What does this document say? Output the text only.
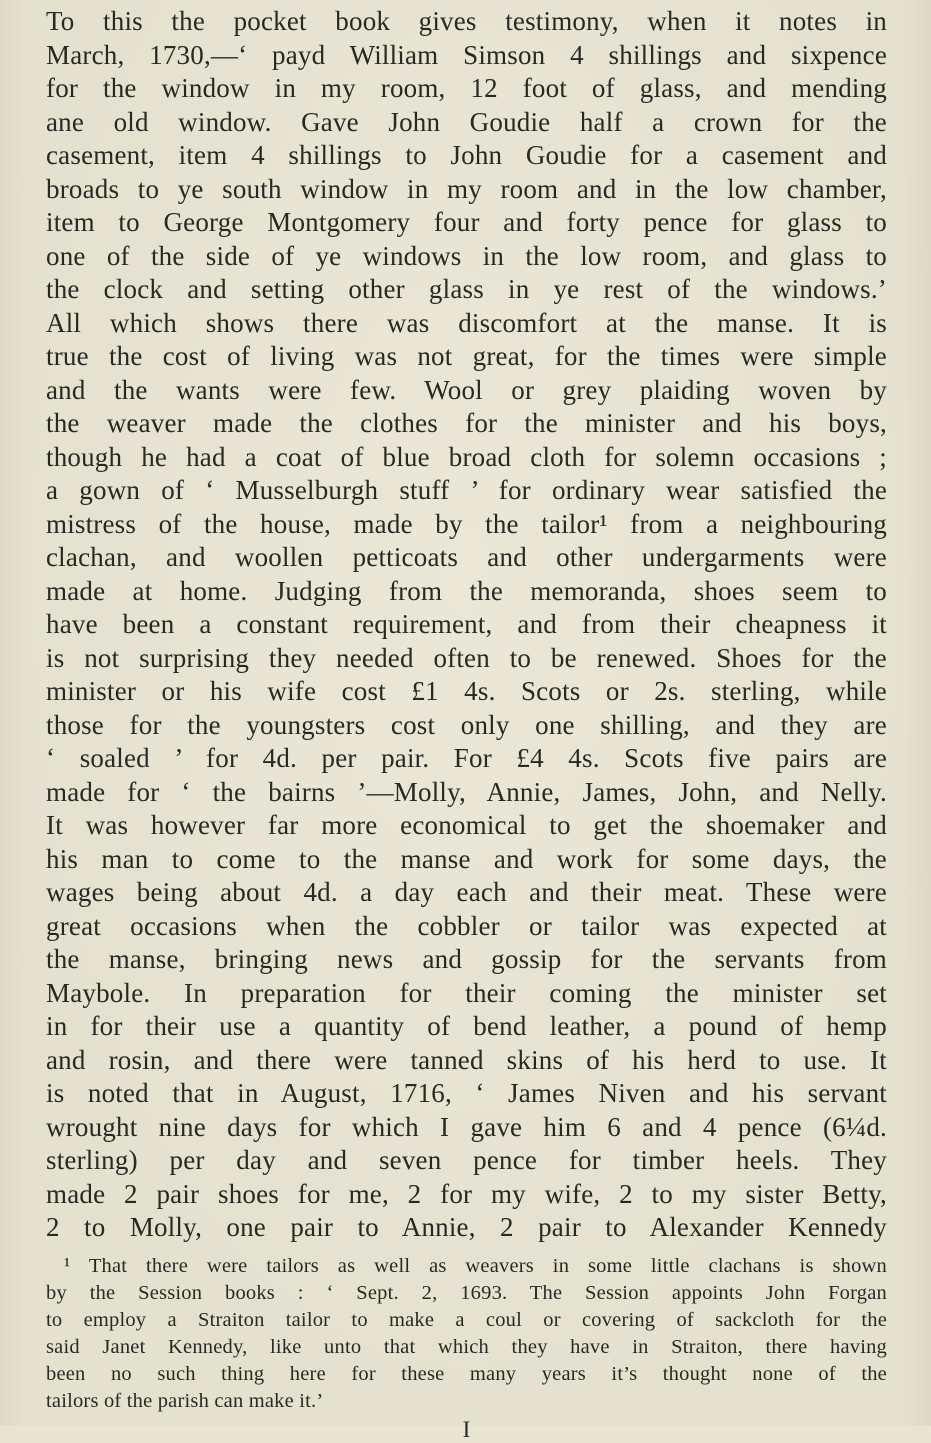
To this the pocket book gives testimony, when it notes in
March, 1730,—‘ payd William Simson 4 shillings and sixpence
for the window in my room, 12 foot of glass, and mending
ane old window. Gave John Goudie half a crown for the
casement, item 4 shillings to John Goudie for a casement and
broads to ye south window in my room and in the low chamber,
item to George Montgomery four and forty pence for glass to
one of the side of ye windows in the low room, and glass to
the clock and setting other glass in ye rest of the windows.’
All which shows there was discomfort at the manse. It is
true the cost of living was not great, for the times were simple
and the wants were few. Wool or grey plaiding woven by
the weaver made the clothes for the minister and his boys,
though he had a coat of blue broad cloth for solemn occasions ;
a gown of ‘ Musselburgh stuff ’ for ordinary wear satisfied the
mistress of the house, made by the tailor¹ from a neighbouring
clachan, and woollen petticoats and other undergarments were
made at home. Judging from the memoranda, shoes seem to
have been a constant requirement, and from their cheapness it
is not surprising they needed often to be renewed. Shoes for the
minister or his wife cost £1 4s. Scots or 2s. sterling, while
those for the youngsters cost only one shilling, and they are
‘ soaled ’ for 4d. per pair. For £4 4s. Scots five pairs are
made for ‘ the bairns ’—Molly, Annie, James, John, and Nelly.
It was however far more economical to get the shoemaker and
his man to come to the manse and work for some days, the
wages being about 4d. a day each and their meat. These were
great occasions when the cobbler or tailor was expected at
the manse, bringing news and gossip for the servants from
Maybole. In preparation for their coming the minister set
in for their use a quantity of bend leather, a pound of hemp
and rosin, and there were tanned skins of his herd to use. It
is noted that in August, 1716, ‘ James Niven and his servant
wrought nine days for which I gave him 6 and 4 pence (6¼d.
sterling) per day and seven pence for timber heels. They
made 2 pair shoes for me, 2 for my wife, 2 to my sister Betty,
2 to Molly, one pair to Annie, 2 pair to Alexander Kennedy
¹ That there were tailors as well as weavers in some little clachans is shown
by the Session books : ‘ Sept. 2, 1693. The Session appoints John Forgan
to employ a Straiton tailor to make a coul or covering of sackcloth for the
said Janet Kennedy, like unto that which they have in Straiton, there having
been no such thing here for these many years it’s thought none of the
tailors of the parish can make it.’
I
